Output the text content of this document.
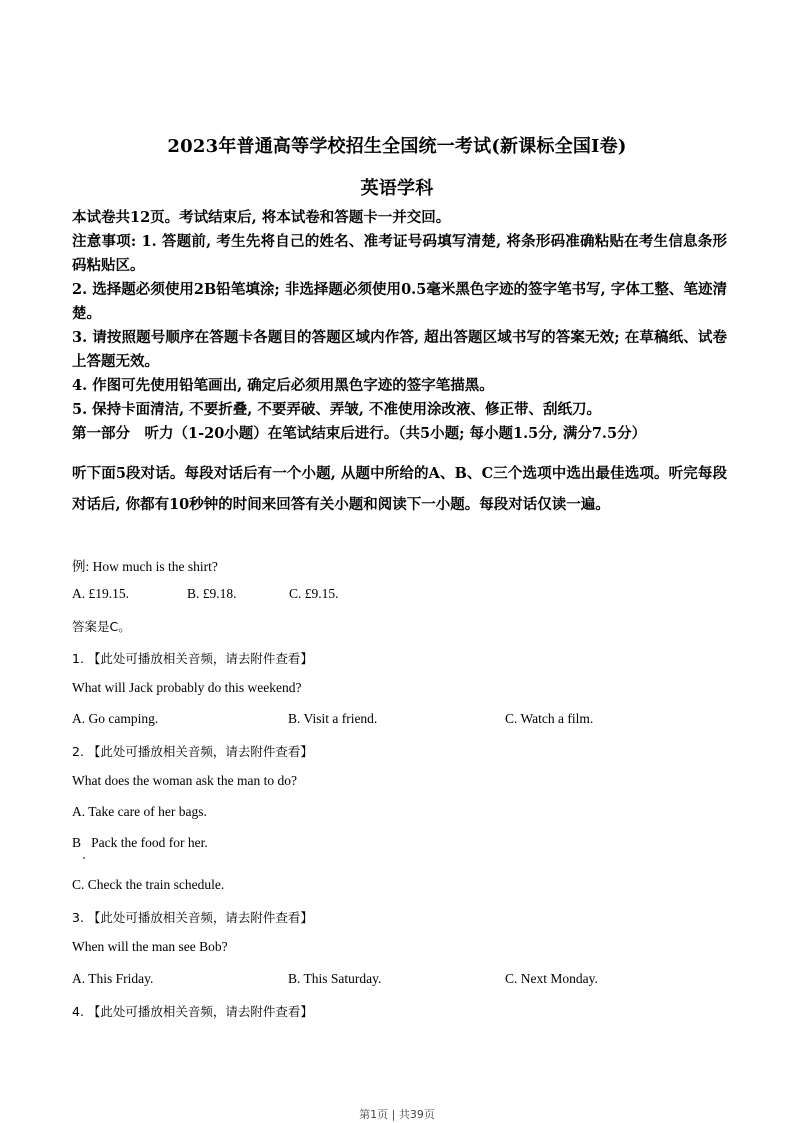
2023年普通高等学校招生全国统一考试(新课标全国Ⅰ卷)
英语学科

本试卷共12页。考试结束后, 将本试卷和答题卡一并交回。

注意事项: 1. 答题前, 考生先将自己的姓名、准考证号码填写清楚, 将条形码准确粘贴在考生信息条形码粘贴区。

2. 选择题必须使用2B铅笔填涂; 非选择题必须使用0.5毫米黑色字迹的签字笔书写, 字体工整、笔迹清楚。

3. 请按照题号顺序在答题卡各题目的答题区域内作答, 超出答题区域书写的答案无效; 在草稿纸、试卷上答题无效。

4. 作图可先使用铅笔画出, 确定后必须用黑色字迹的签字笔描黑。

5. 保持卡面清洁, 不要折叠, 不要弄破、弄皱, 不准使用涂改液、修正带、刮纸刀。

第一部分　听力（1-20小题）在笔试结束后进行。（共5小题; 每小题1.5分, 满分7.5分）

听下面5段对话。每段对话后有一个小题, 从题中所给的A、B、C三个选项中选出最佳选项。听完每段对话后, 你都有10秒钟的时间来回答有关小题和阅读下一小题。每段对话仅读一遍。
例: How much is the shirt?
A. £19.15.	B. £9.18.	C. £9.15.
答案是C。
1. 【此处可播放相关音频，请去附件查看】
What will Jack probably do this weekend?
A. Go camping.	B. Visit a friend.	C. Watch a film.
2. 【此处可播放相关音频，请去附件查看】
What does the woman ask the man to do?
A. Take care of her bags.
B   Pack the food for her.
C. Check the train schedule.
3. 【此处可播放相关音频，请去附件查看】
When will the man see Bob?
A. This Friday.	B. This Saturday.	C. Next Monday.
4. 【此处可播放相关音频，请去附件查看】
第1页 | 共39页
